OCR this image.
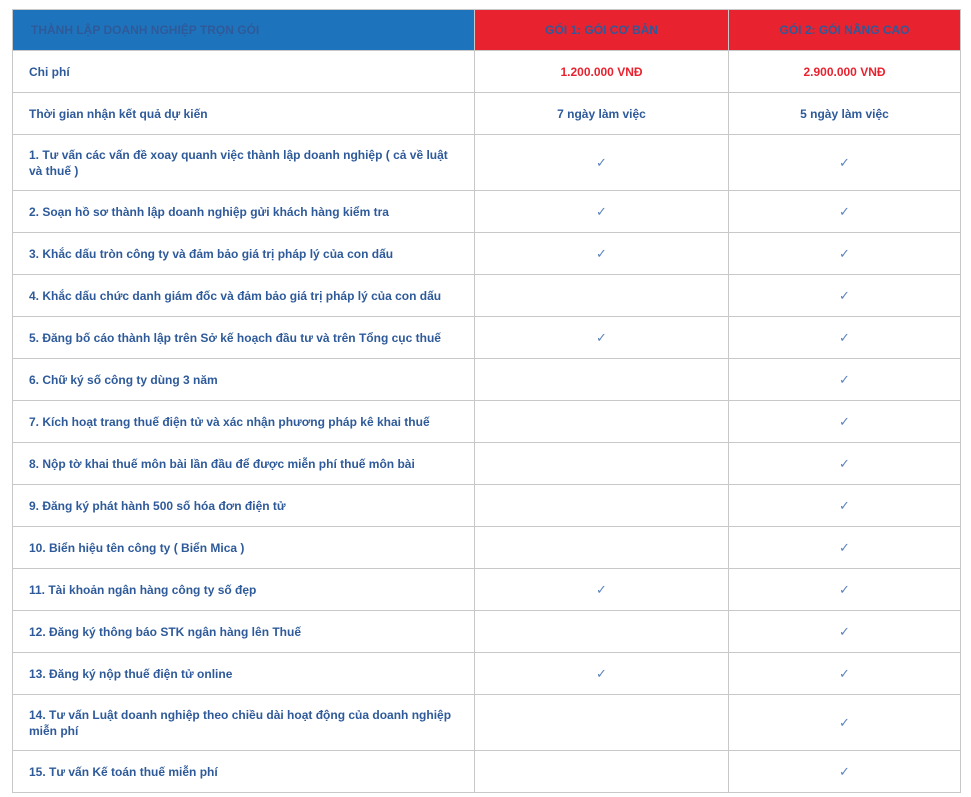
THÀNH LẬP DOANH NGHIỆP TRỌN GÓI	GÓI 1: GÓI CƠ BẢN	GÓI 2: GÓI NÂNG CAO
Chi phí	1.200.000 VNĐ	2.900.000 VNĐ
Thời gian nhận kết quả dự kiến	7 ngày làm việc	5 ngày làm việc
1. Tư vấn các vấn đề xoay quanh việc thành lập doanh nghiệp ( cả về luật và thuế )	✓	✓
2. Soạn hồ sơ thành lập doanh nghiệp gửi khách hàng kiểm tra	✓	✓
3. Khắc dấu tròn công ty và đảm bảo giá trị pháp lý của con dấu	✓	✓
4. Khắc dấu chức danh giám đốc và đảm bảo giá trị pháp lý của con dấu		✓
5. Đăng bố cáo thành lập trên Sở kế hoạch đầu tư và trên Tổng cục thuế	✓	✓
6. Chữ ký số công ty dùng 3 năm		✓
7. Kích hoạt trang thuế điện tử và xác nhận phương pháp kê khai thuế		✓
8. Nộp tờ khai thuế môn bài lần đầu để được miễn phí thuế môn bài		✓
9. Đăng ký phát hành 500 số hóa đơn điện tử		✓
10. Biển hiệu tên công ty ( Biển Mica )		✓
11. Tài khoản ngân hàng công ty số đẹp	✓	✓
12. Đăng ký thông báo STK ngân hàng lên Thuế		✓
13. Đăng ký nộp thuế điện tử online	✓	✓
14. Tư vấn Luật doanh nghiệp theo chiều dài hoạt động của doanh nghiệp miễn phí		✓
15. Tư vấn Kế toán thuế miễn phí		✓
